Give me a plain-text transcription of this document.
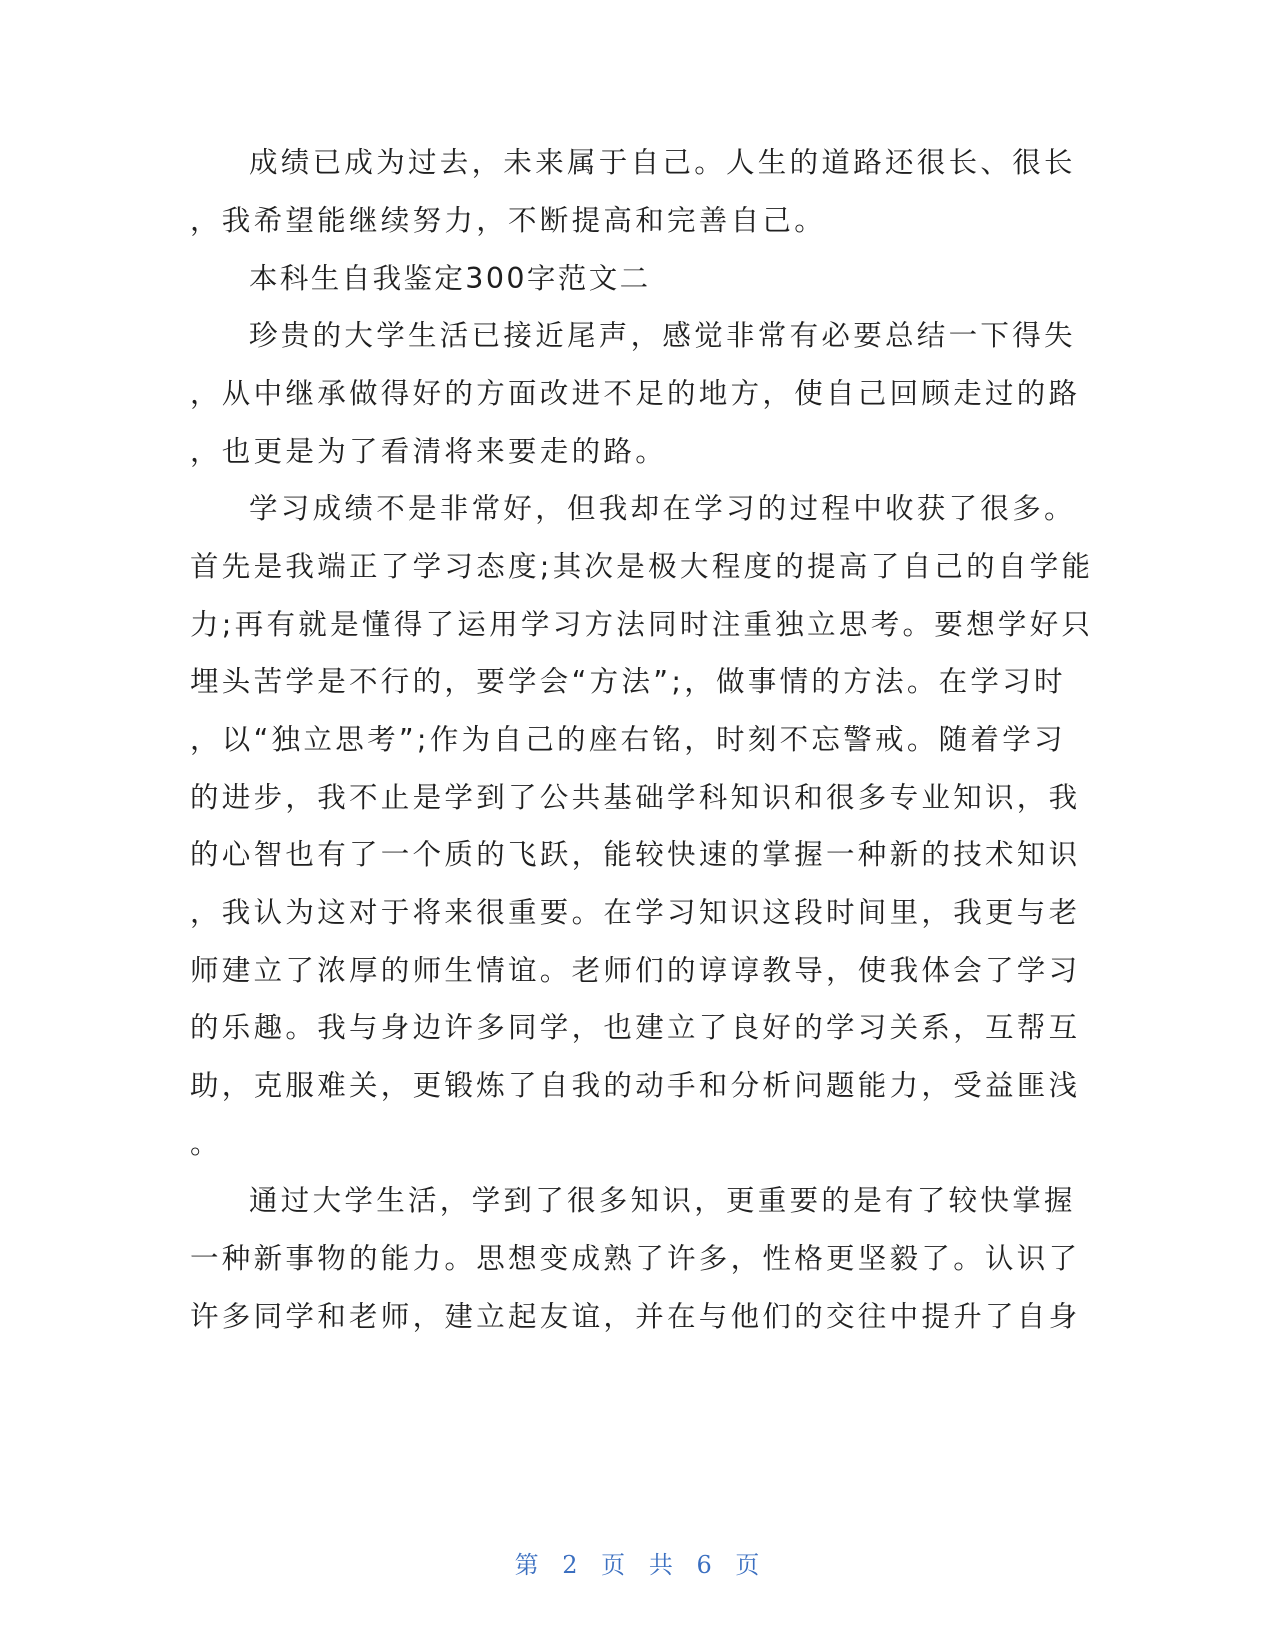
成绩已成为过去，未来属于自己。人生的道路还很长、很长
，我希望能继续努力，不断提高和完善自己。
本科生自我鉴定300字范文二
珍贵的大学生活已接近尾声，感觉非常有必要总结一下得失
，从中继承做得好的方面改进不足的地方，使自己回顾走过的路
，也更是为了看清将来要走的路。
学习成绩不是非常好，但我却在学习的过程中收获了很多。
首先是我端正了学习态度;其次是极大程度的提高了自己的自学能
力;再有就是懂得了运用学习方法同时注重独立思考。要想学好只
埋头苦学是不行的，要学会“方法”;，做事情的方法。在学习时
，以“独立思考”;作为自己的座右铭，时刻不忘警戒。随着学习
的进步，我不止是学到了公共基础学科知识和很多专业知识，我
的心智也有了一个质的飞跃，能较快速的掌握一种新的技术知识
，我认为这对于将来很重要。在学习知识这段时间里，我更与老
师建立了浓厚的师生情谊。老师们的谆谆教导，使我体会了学习
的乐趣。我与身边许多同学，也建立了良好的学习关系，互帮互
助，克服难关，更锻炼了自我的动手和分析问题能力，受益匪浅
。
通过大学生活，学到了很多知识，更重要的是有了较快掌握
一种新事物的能力。思想变成熟了许多，性格更坚毅了。认识了
许多同学和老师，建立起友谊，并在与他们的交往中提升了自身
第 2 页 共 6 页
